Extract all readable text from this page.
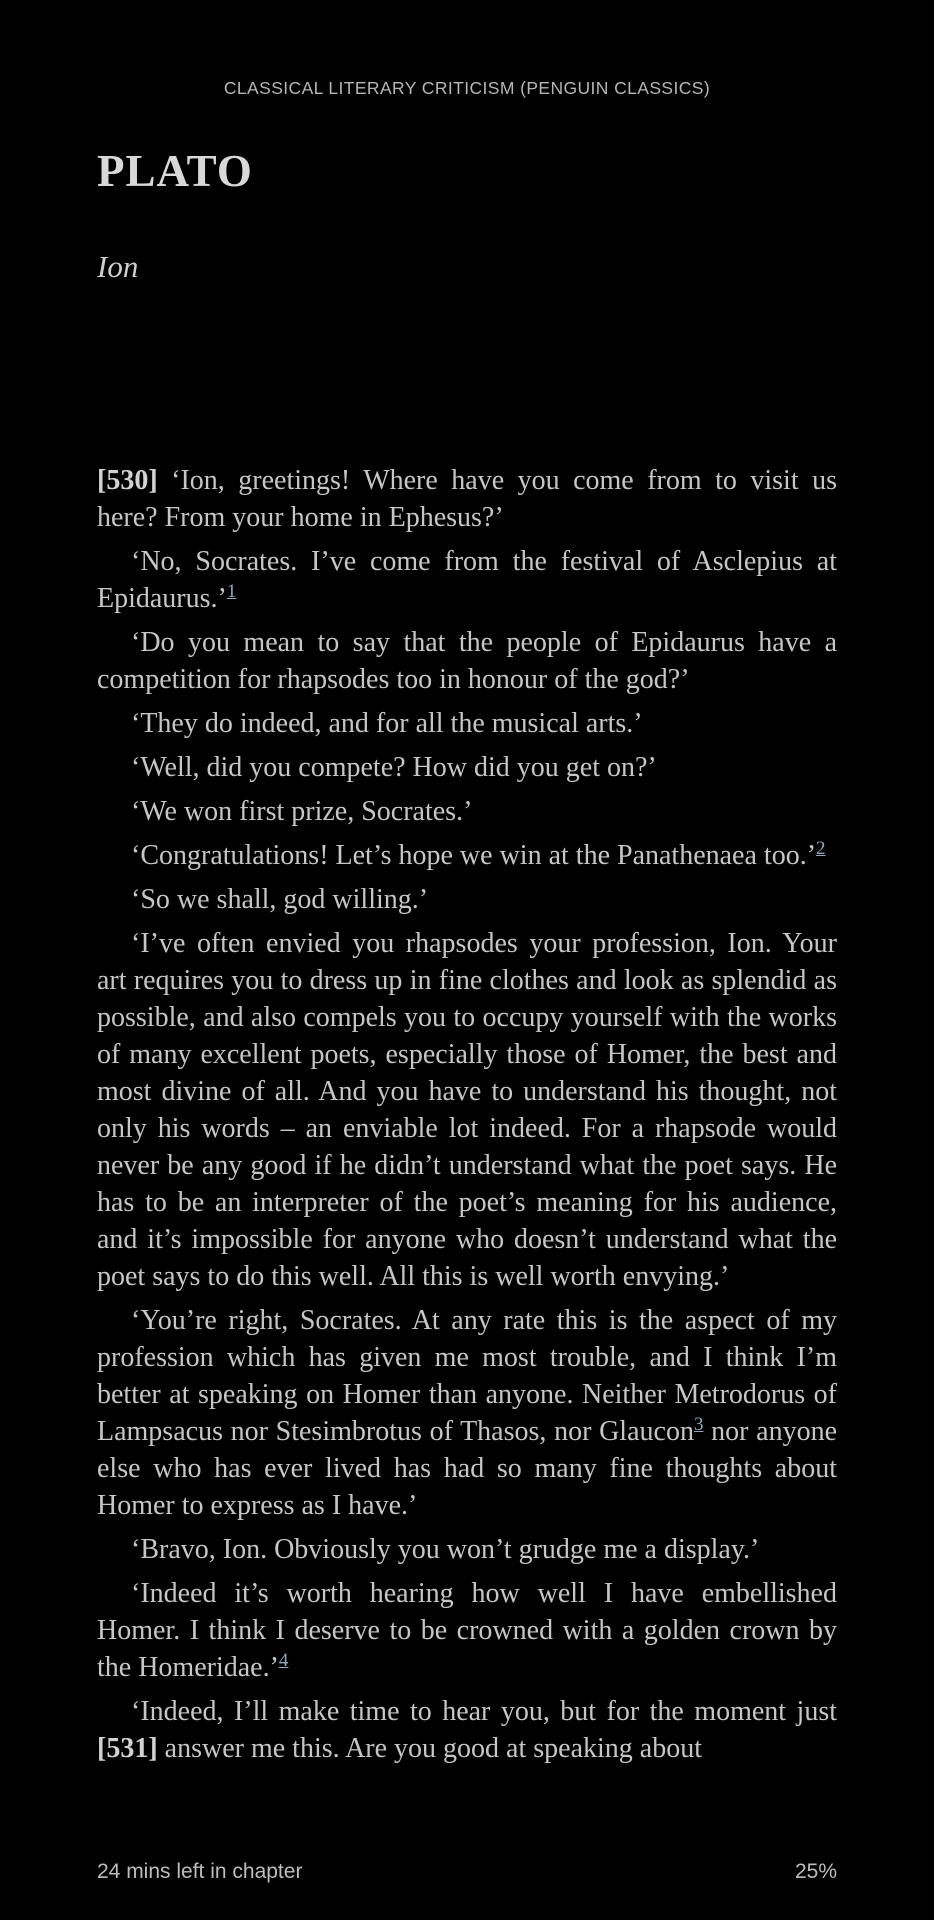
CLASSICAL LITERARY CRITICISM (PENGUIN CLASSICS)
PLATO
Ion

[530] ‘Ion, greetings! Where have you come from to visit us here? From your home in Ephesus?’

‘No, Socrates. I’ve come from the festival of Asclepius at Epidaurus.’$^1$

‘Do you mean to say that the people of Epidaurus have a competition for rhapsodes too in honour of the god?’

‘They do indeed, and for all the musical arts.’

‘Well, did you compete? How did you get on?’

‘We won first prize, Socrates.’

‘Congratulations! Let’s hope we win at the Panathenaea too.’$^2$

‘So we shall, god willing.’

‘I’ve often envied you rhapsodes your profession, Ion. Your art requires you to dress up in fine clothes and look as splendid as possible, and also compels you to occupy yourself with the works of many excellent poets, especially those of Homer, the best and most divine of all. And you have to understand his thought, not only his words – an enviable lot indeed. For a rhapsode would never be any good if he didn’t understand what the poet says. He has to be an interpreter of the poet’s meaning for his audience, and it’s impossible for anyone who doesn’t understand what the poet says to do this well. All this is well worth envying.’

‘You’re right, Socrates. At any rate this is the aspect of my profession which has given me most trouble, and I think I’m better at speaking on Homer than anyone. Neither Metrodorus of Lampsacus nor Stesimbrotus of Thasos, nor Glaucon$^3$ nor anyone else who has ever lived has had so many fine thoughts about Homer to express as I have.’

‘Bravo, Ion. Obviously you won’t grudge me a display.’

‘Indeed it’s worth hearing how well I have embellished Homer. I think I deserve to be crowned with a golden crown by the Homeridae.’$^4$

‘Indeed, I’ll make time to hear you, but for the moment just [531] answer me this. Are you good at speaking about

24 mins left in chapter	25%
